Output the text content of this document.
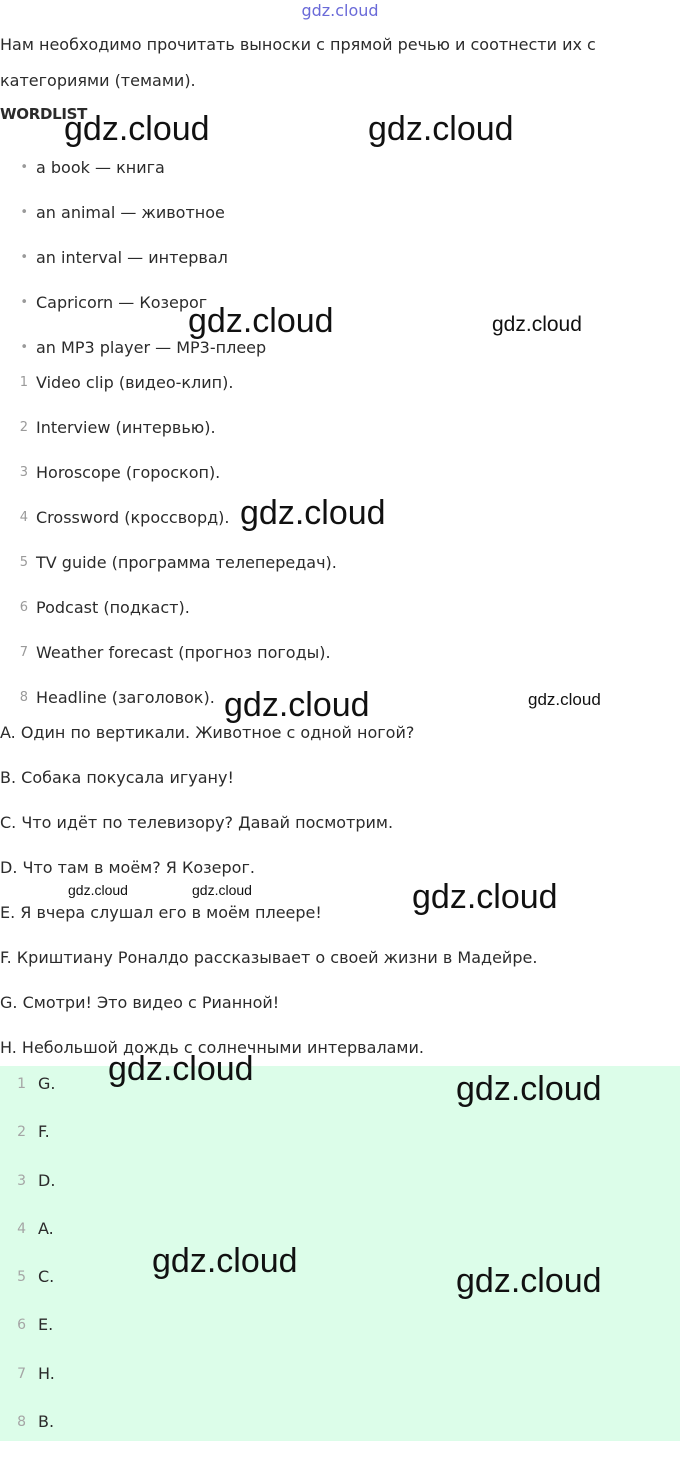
gdz.cloud
Нам необходимо прочитать выноски с прямой речью и соотнести их с категориями (темами).
WORDLIST
• a book — книга
• an animal — животное
• an interval — интервал
• Capricorn — Козерог
• an MP3 player — MP3-плеер
1 Video clip (видео-клип).
2 Interview (интервью).
3 Horoscope (гороскоп).
4 Crossword (кроссворд).
5 TV guide (программа телепередач).
6 Podcast (подкаст).
7 Weather forecast (прогноз погоды).
8 Headline (заголовок).
A. Один по вертикали. Животное с одной ногой?
B. Собака покусала игуану!
C. Что идёт по телевизору? Давай посмотрим.
D. Что там в моём? Я Козерог.
E. Я вчера слушал его в моём плеере!
F. Криштиану Роналдо рассказывает о своей жизни в Мадейре.
G. Смотри! Это видео с Рианной!
H. Небольшой дождь с солнечными интервалами.
1 G.
2 F.
3 D.
4 A.
5 C.
6 E.
7 H.
8 B.
gdz.cloud	gdz.cloud
gdz.cloud	gdz.cloud
gdz.cloud
gdz.cloud	gdz.cloud
gdz.cloud	gdz.cloud	gdz.cloud
gdz.cloud
gdz.cloud
gdz.cloud
gdz.cloud
